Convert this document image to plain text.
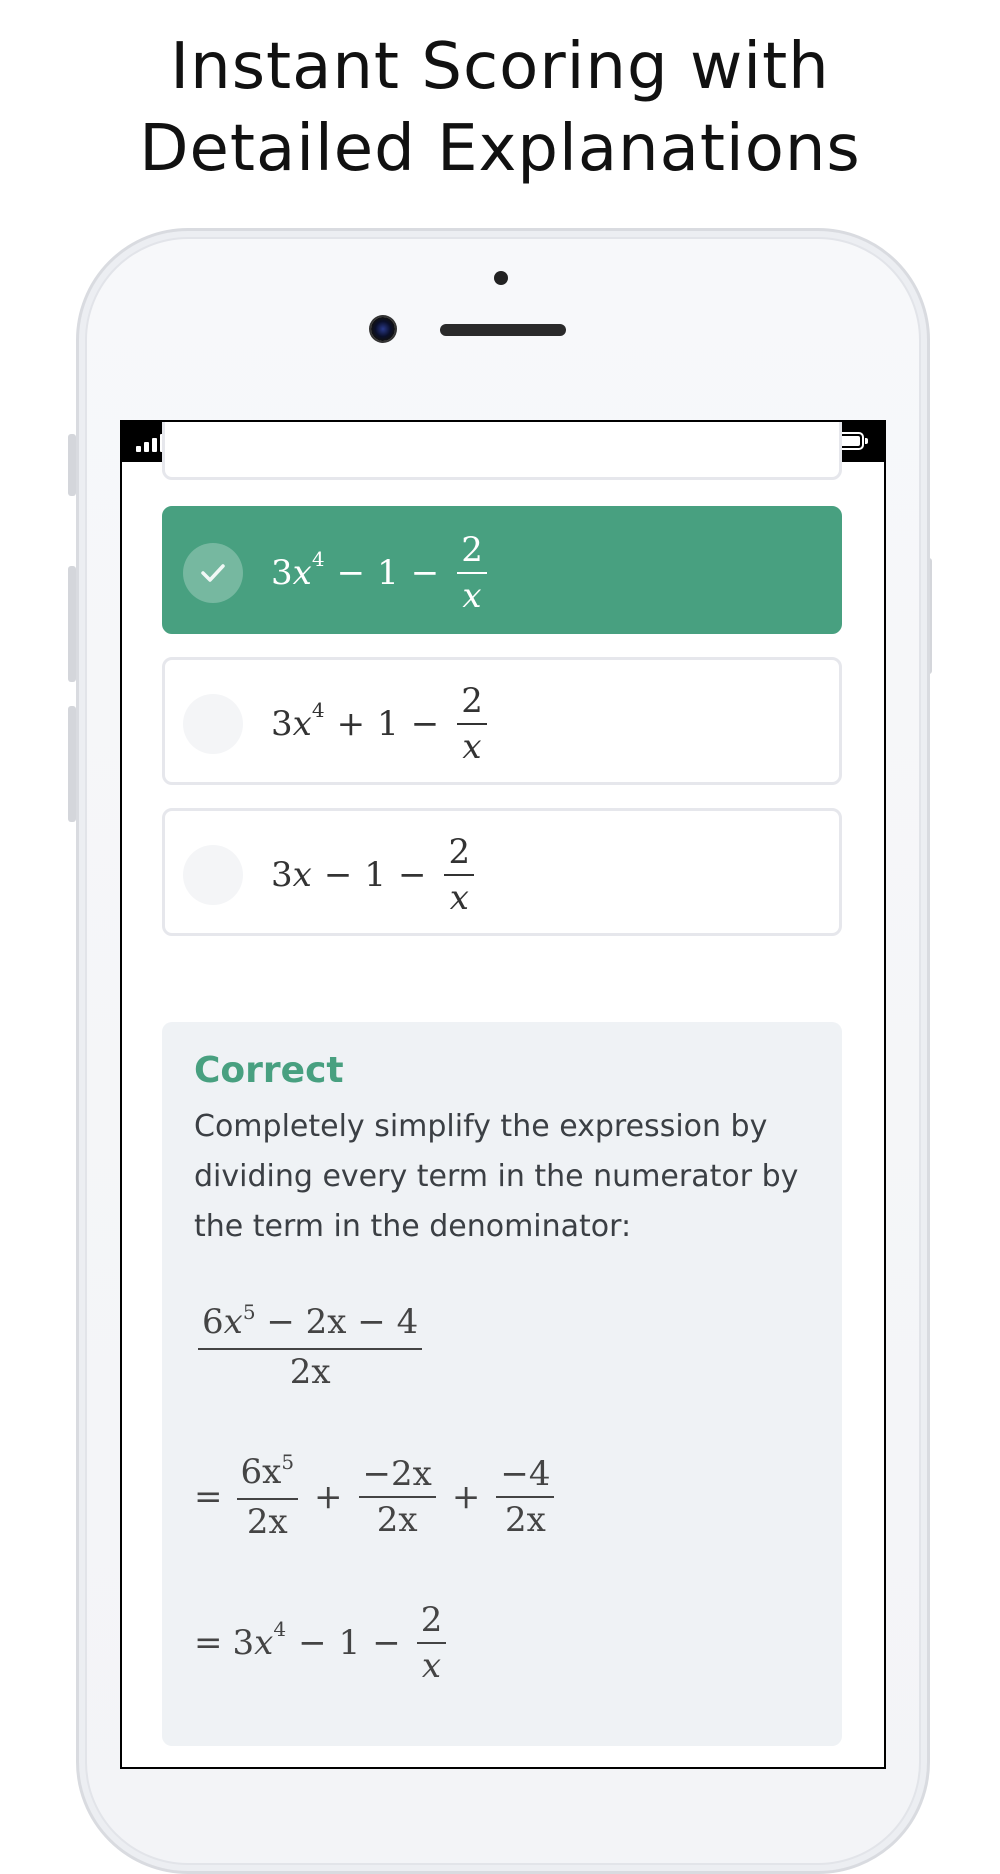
Instant Scoring with
Detailed Explanations
3 $x^4 - 1 - \frac{2}{x}$
3 $x^4 + 1 - \frac{2}{x}$
3 $x - 1 - \frac{2}{x}$
Correct
Completely simplify the expression by dividing every term in the numerator by the term in the denominator:
$\frac{6x^5 - 2x - 4}{2x}$
= $\frac{6x^5}{2x} + \frac{-2x}{2x} + \frac{-4}{2x}$
= 3 $x^4 - 1 - \frac{2}{x}$
